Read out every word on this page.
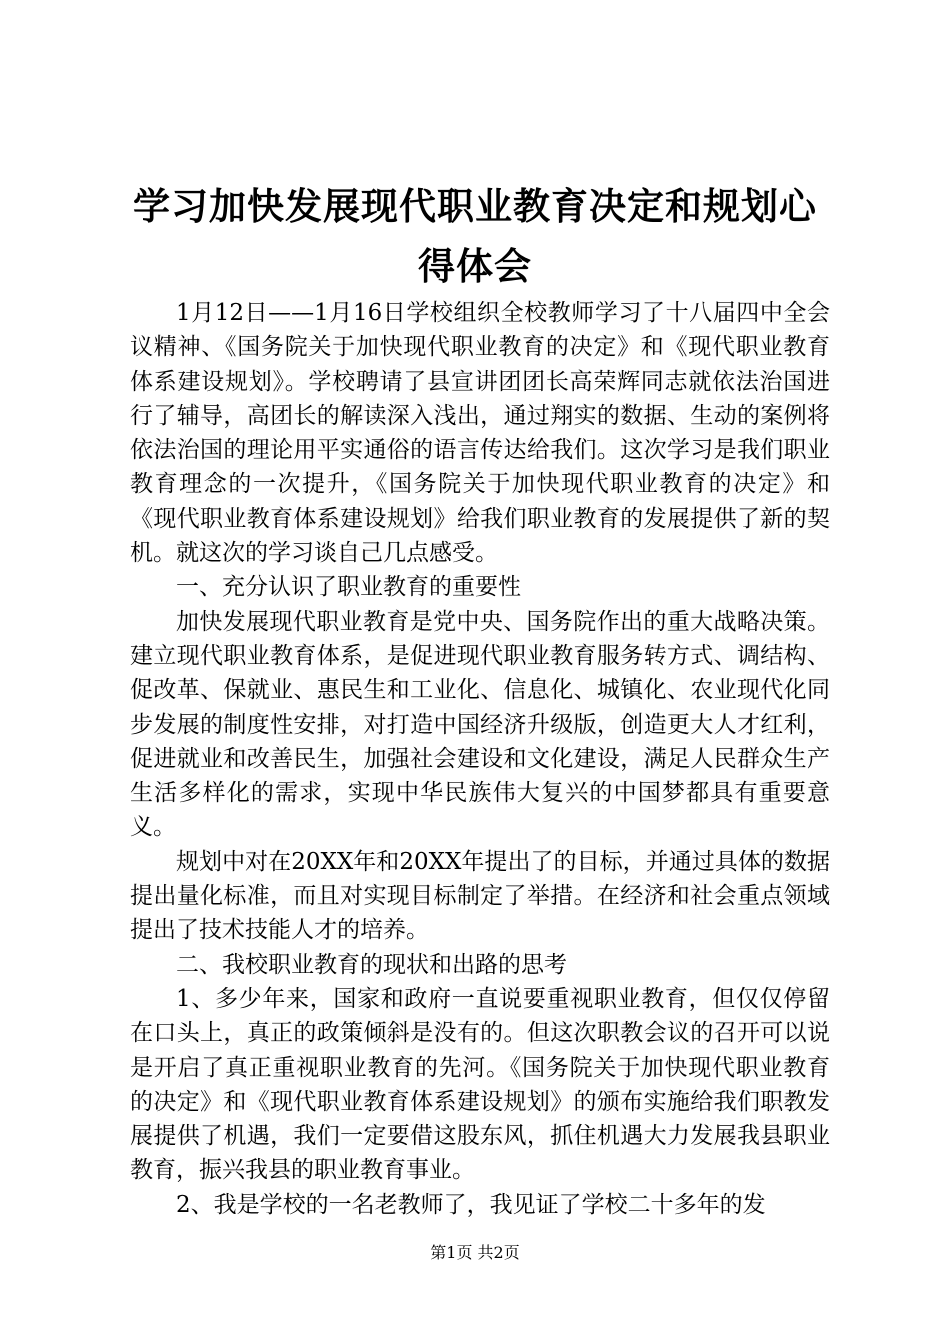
学习加快发展现代职业教育决定和规划心得体会

1月12日——1月16日学校组织全校教师学习了十八届四中全会议精神、《国务院关于加快现代职业教育的决定》和《现代职业教育体系建设规划》。学校聘请了县宣讲团团长高荣辉同志就依法治国进行了辅导，高团长的解读深入浅出，通过翔实的数据、生动的案例将依法治国的理论用平实通俗的语言传达给我们。这次学习是我们职业教育理念的一次提升，《国务院关于加快现代职业教育的决定》和《现代职业教育体系建设规划》给我们职业教育的发展提供了新的契机。就这次的学习谈自己几点感受。

一、充分认识了职业教育的重要性

加快发展现代职业教育是党中央、国务院作出的重大战略决策。建立现代职业教育体系，是促进现代职业教育服务转方式、调结构、促改革、保就业、惠民生和工业化、信息化、城镇化、农业现代化同步发展的制度性安排，对打造中国经济升级版，创造更大人才红利，促进就业和改善民生，加强社会建设和文化建设，满足人民群众生产生活多样化的需求，实现中华民族伟大复兴的中国梦都具有重要意义。

规划中对在20XX年和20XX年提出了的目标，并通过具体的数据提出量化标准，而且对实现目标制定了举措。在经济和社会重点领域提出了技术技能人才的培养。

二、我校职业教育的现状和出路的思考

1、多少年来，国家和政府一直说要重视职业教育，但仅仅停留在口头上，真正的政策倾斜是没有的。但这次职教会议的召开可以说是开启了真正重视职业教育的先河。《国务院关于加快现代职业教育的决定》和《现代职业教育体系建设规划》的颁布实施给我们职教发展提供了机遇，我们一定要借这股东风，抓住机遇大力发展我县职业教育，振兴我县的职业教育事业。

2、我是学校的一名老教师了，我见证了学校二十多年的发

第1页 共2页
